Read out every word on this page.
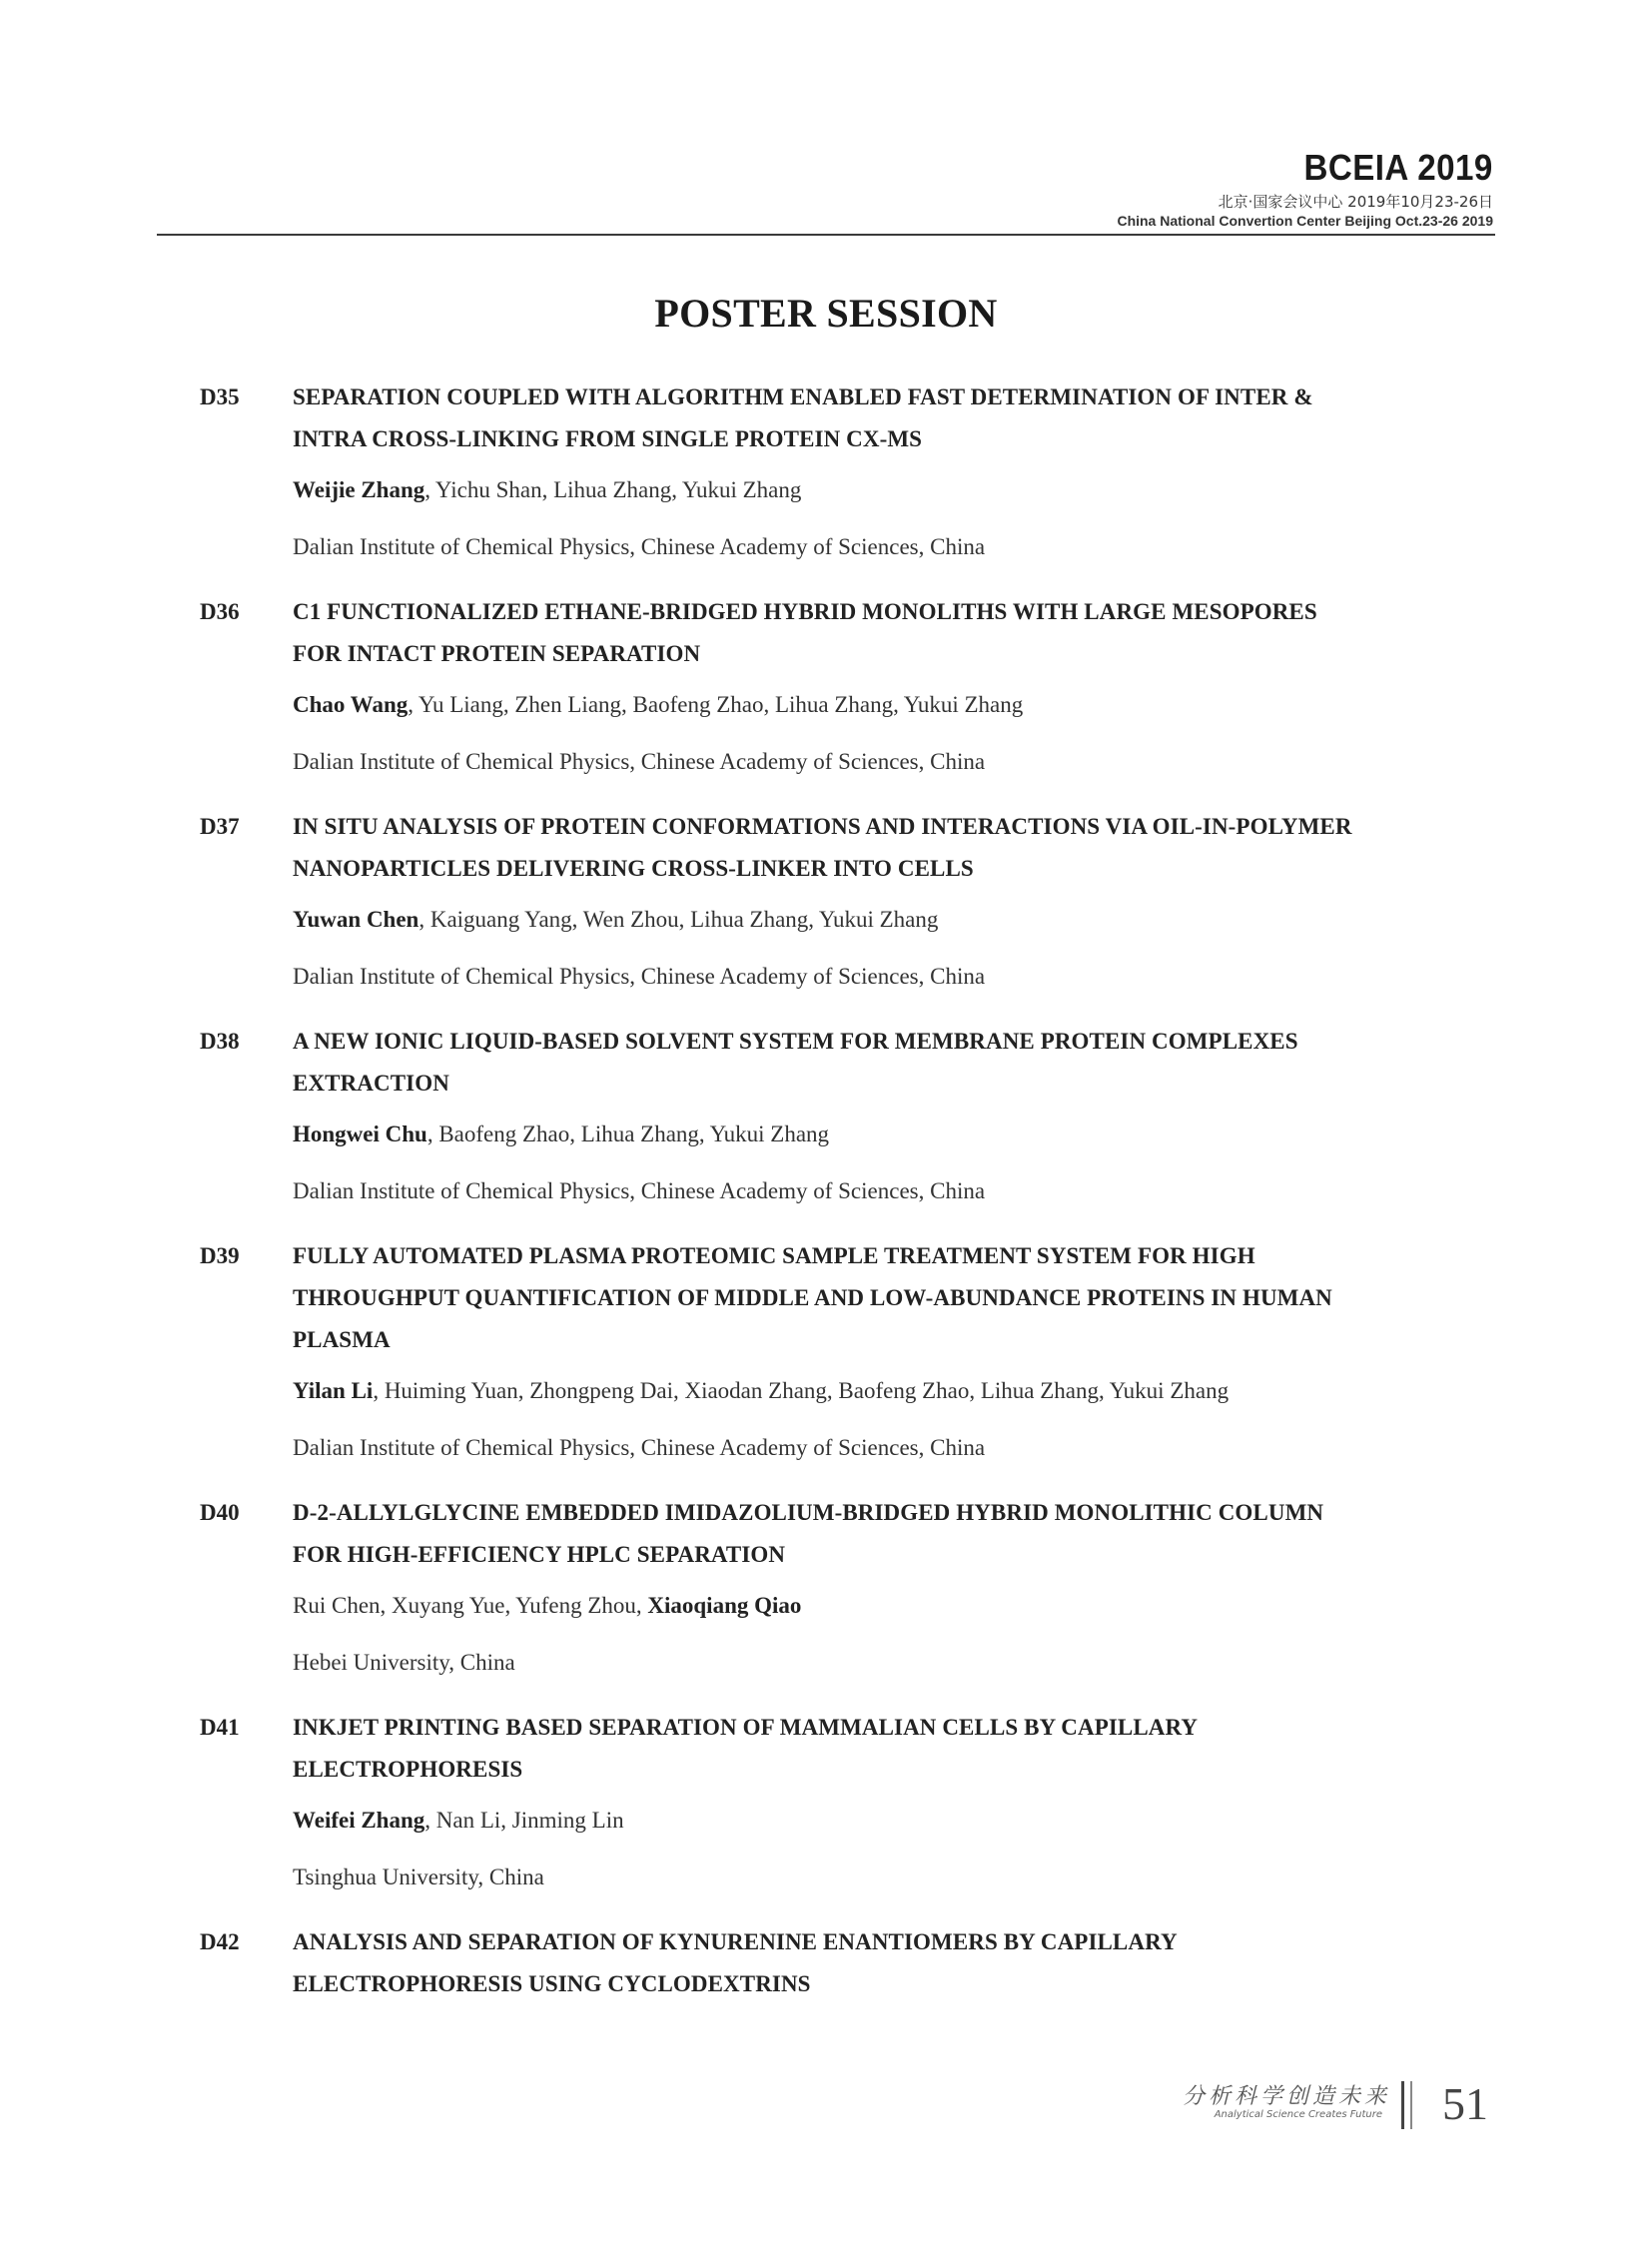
BCEIA 2019
北京·国家会议中心 2019年10月23-26日
China National Convertion Center Beijing Oct.23-26 2019
POSTER SESSION
D35 SEPARATION COUPLED WITH ALGORITHM ENABLED FAST DETERMINATION OF INTER &
INTRA CROSS-LINKING FROM SINGLE PROTEIN CX-MS
Weijie Zhang, Yichu Shan, Lihua Zhang, Yukui Zhang
Dalian Institute of Chemical Physics, Chinese Academy of Sciences, China
D36 C1 FUNCTIONALIZED ETHANE-BRIDGED HYBRID MONOLITHS WITH LARGE MESOPORES
FOR INTACT PROTEIN SEPARATION
Chao Wang, Yu Liang, Zhen Liang, Baofeng Zhao, Lihua Zhang, Yukui Zhang
Dalian Institute of Chemical Physics, Chinese Academy of Sciences, China
D37 IN SITU ANALYSIS OF PROTEIN CONFORMATIONS AND INTERACTIONS VIA OIL-IN-POLYMER
NANOPARTICLES DELIVERING CROSS-LINKER INTO CELLS
Yuwan Chen, Kaiguang Yang, Wen Zhou, Lihua Zhang, Yukui Zhang
Dalian Institute of Chemical Physics, Chinese Academy of Sciences, China
D38 A NEW IONIC LIQUID-BASED SOLVENT SYSTEM FOR MEMBRANE PROTEIN COMPLEXES
EXTRACTION
Hongwei Chu, Baofeng Zhao, Lihua Zhang, Yukui Zhang
Dalian Institute of Chemical Physics, Chinese Academy of Sciences, China
D39 FULLY AUTOMATED PLASMA PROTEOMIC SAMPLE TREATMENT SYSTEM FOR HIGH
THROUGHPUT QUANTIFICATION OF MIDDLE AND LOW-ABUNDANCE PROTEINS IN HUMAN
PLASMA
Yilan Li, Huiming Yuan, Zhongpeng Dai, Xiaodan Zhang, Baofeng Zhao, Lihua Zhang, Yukui Zhang
Dalian Institute of Chemical Physics, Chinese Academy of Sciences, China
D40 D-2-ALLYLGLYCINE EMBEDDED IMIDAZOLIUM-BRIDGED HYBRID MONOLITHIC COLUMN
FOR HIGH-EFFICIENCY HPLC SEPARATION
Rui Chen, Xuyang Yue, Yufeng Zhou, Xiaoqiang Qiao
Hebei University, China
D41 INKJET PRINTING BASED SEPARATION OF MAMMALIAN CELLS BY CAPILLARY
ELECTROPHORESIS
Weifei Zhang, Nan Li, Jinming Lin
Tsinghua University, China
D42 ANALYSIS AND SEPARATION OF KYNURENINE ENANTIOMERS BY CAPILLARY
ELECTROPHORESIS USING CYCLODEXTRINS
分析科学创造未来
Analytical Science Creates Future 51
